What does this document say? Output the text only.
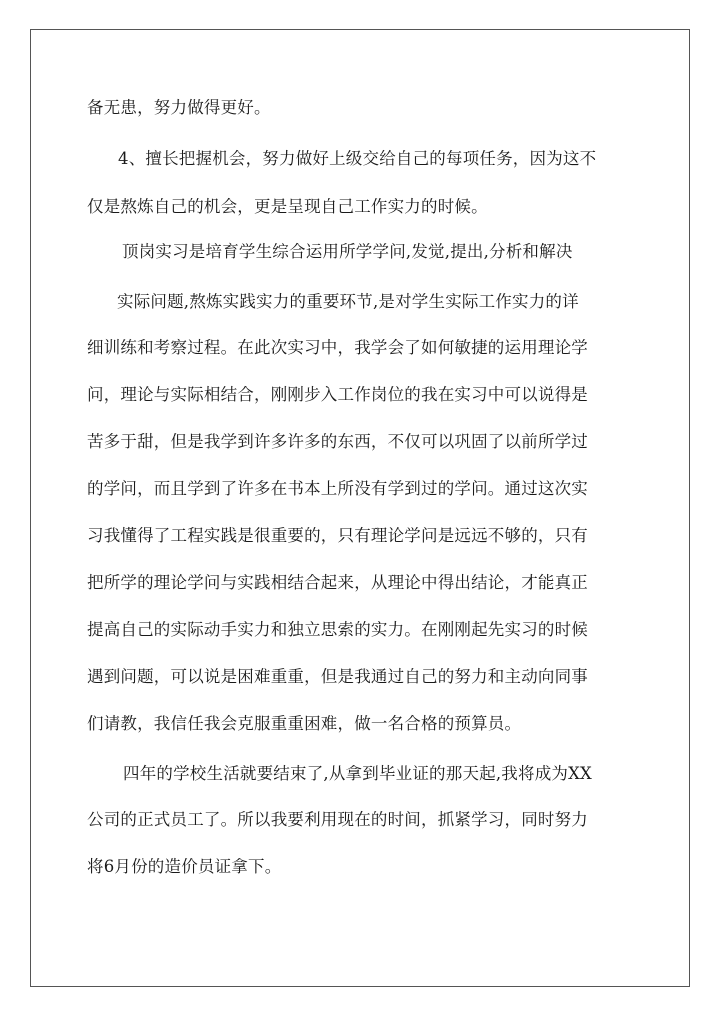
备无患，努力做得更好。
4、擅长把握机会，努力做好上级交给自己的每项任务，因为这不
仅是熬炼自己的机会，更是呈现自己工作实力的时候。
顶岗实习是培育学生综合运用所学学问,发觉,提出,分析和解决
实际问题,熬炼实践实力的重要环节,是对学生实际工作实力的详
细训练和考察过程。在此次实习中，我学会了如何敏捷的运用理论学
问，理论与实际相结合，刚刚步入工作岗位的我在实习中可以说得是
苦多于甜，但是我学到许多许多的东西，不仅可以巩固了以前所学过
的学问，而且学到了许多在书本上所没有学到过的学问。通过这次实
习我懂得了工程实践是很重要的，只有理论学问是远远不够的，只有
把所学的理论学问与实践相结合起来，从理论中得出结论，才能真正
提高自己的实际动手实力和独立思索的实力。在刚刚起先实习的时候
遇到问题，可以说是困难重重，但是我通过自己的努力和主动向同事
们请教，我信任我会克服重重困难，做一名合格的预算员。
四年的学校生活就要结束了,从拿到毕业证的那天起,我将成为XX
公司的正式员工了。所以我要利用现在的时间，抓紧学习，同时努力
将6月份的造价员证拿下。
